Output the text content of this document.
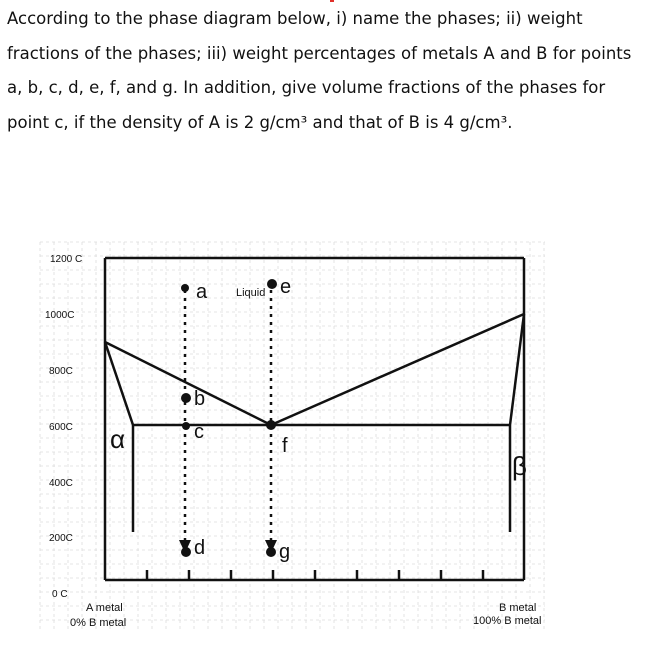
According to the phase diagram below, i) name the phases; ii) weight

fractions of the phases; iii) weight percentages of metals A and B for points

a, b, c, d, e, f, and g. In addition, give volume fractions of the phases for

point c, if the density of A is 2 g/cm³ and that of B is 4 g/cm³.

a
b
c
d
e
f
g
Liquid
α
β
1200 C
1000C
800C
600C
400C
200C
0 C
A metal
0% B metal
B metal
100% B metal
